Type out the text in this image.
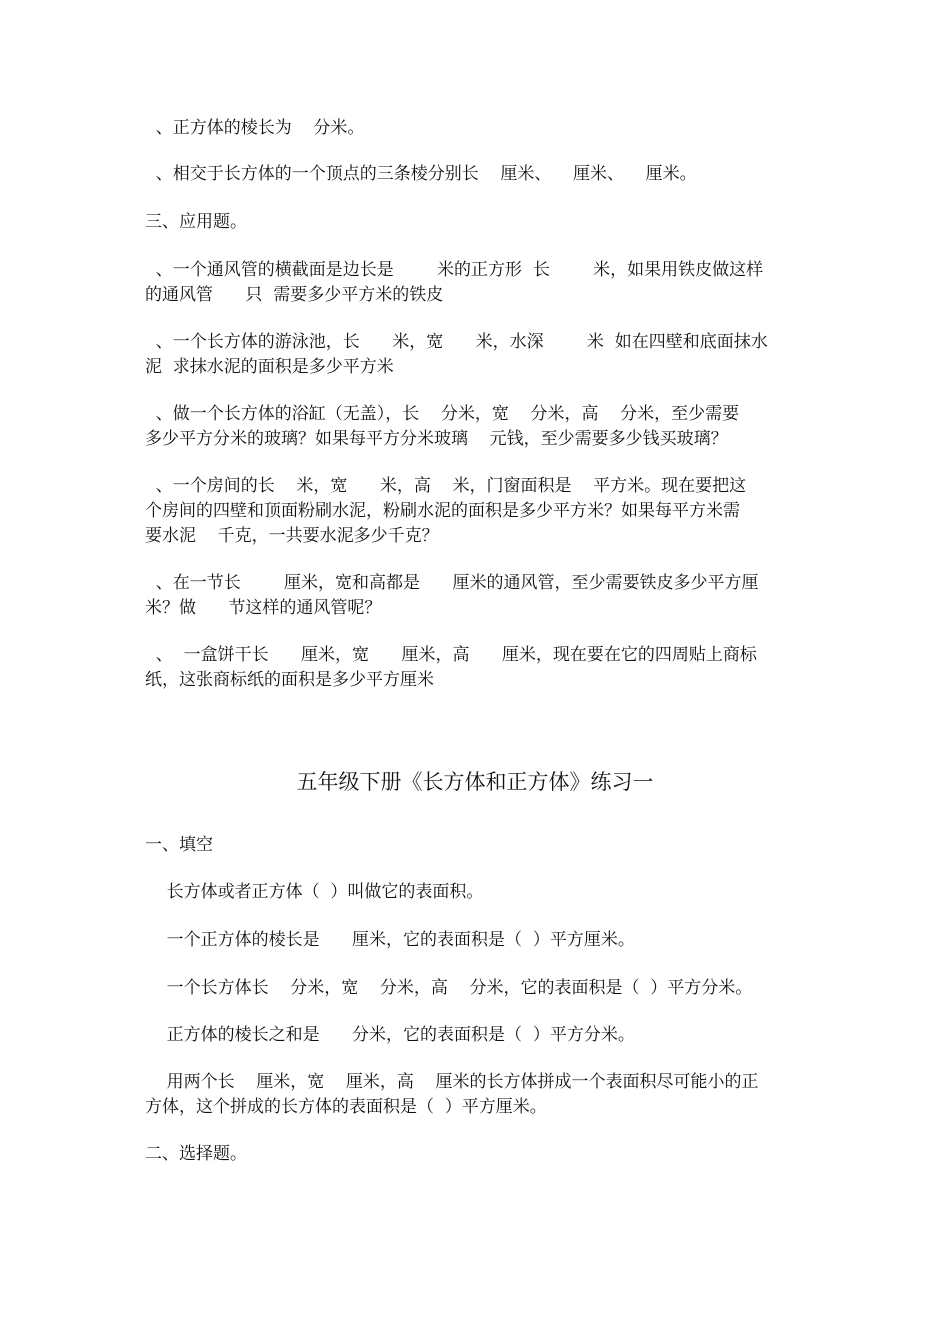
、正方体的棱长为    分米。
、相交于长方体的一个顶点的三条棱分别长    厘米、    厘米、    厘米。
三、应用题。
、一个通风管的横截面是边长是        米的正方形  长        米，如果用铁皮做这样
的通风管      只  需要多少平方米的铁皮
、一个长方体的游泳池，长      米，宽      米，水深        米  如在四壁和底面抹水
泥  求抹水泥的面积是多少平方米
、做一个长方体的浴缸（无盖），长    分米，宽    分米，高    分米，至少需要
多少平方分米的玻璃？如果每平方分米玻璃    元钱，至少需要多少钱买玻璃？
、一个房间的长    米，宽      米，高    米，门窗面积是    平方米。现在要把这
个房间的四壁和顶面粉刷水泥，粉刷水泥的面积是多少平方米？如果每平方米需
要水泥    千克，一共要水泥多少千克？
、在一节长        厘米，宽和高都是      厘米的通风管，至少需要铁皮多少平方厘
米？做      节这样的通风管呢？
、  一盒饼干长      厘米，宽      厘米，高      厘米，现在要在它的四周贴上商标
纸，这张商标纸的面积是多少平方厘米
五年级下册《长方体和正方体》练习一
一、填空
长方体或者正方体（  ）叫做它的表面积。
一个正方体的棱长是      厘米，它的表面积是（  ）平方厘米。
一个长方体长    分米，宽    分米，高    分米，它的表面积是（  ）平方分米。
正方体的棱长之和是      分米，它的表面积是（  ）平方分米。
用两个长    厘米，宽    厘米，高    厘米的长方体拼成一个表面积尽可能小的正
方体，这个拼成的长方体的表面积是（  ）平方厘米。
二、选择题。
